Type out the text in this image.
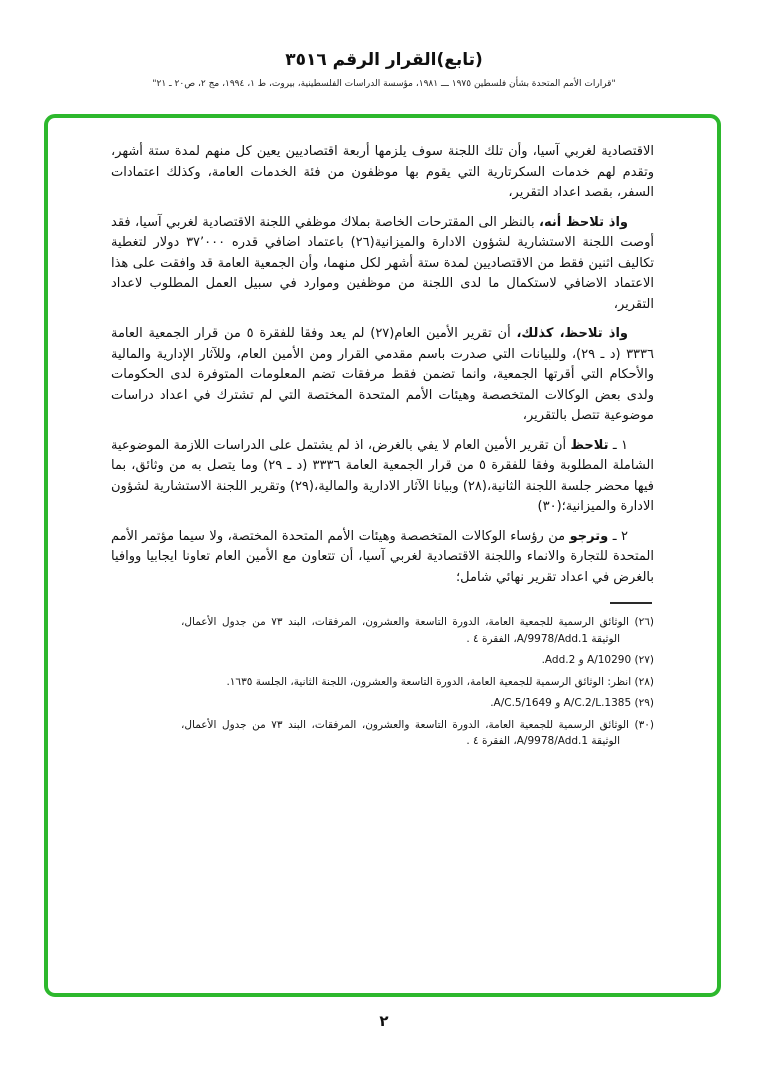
(تابع)القرار الرقم ٣٥١٦
"قرارات الأمم المتحدة بشأن فلسطين ١٩٧٥ ـــ ١٩٨١، مؤسسة الدراسات الفلسطينية، بيروت، ط ١، ١٩٩٤، مج ٢، ص٢٠ ـ ٢١"

الاقتصادية لغربي آسيا، وأن تلك اللجنة سوف يلزمها أربعة اقتصاديين يعين كل منهم لمدة ستة أشهر، وتقدم لهم خدمات السكرتارية التي يقوم بها موظفون من فئة الخدمات العامة، وكذلك اعتمادات السفر، بقصد اعداد التقرير،

واذ تلاحظ أنه، بالنظر الى المقترحات الخاصة بملاك موظفي اللجنة الاقتصادية لغربي آسيا، فقد أوصت اللجنة الاستشارية لشؤون الادارة والميزانية(٢٦) باعتماد اضافي قدره ٣٧٬٠٠٠ دولار لتغطية تكاليف اثنين فقط من الاقتصاديين لمدة ستة أشهر لكل منهما، وأن الجمعية العامة قد وافقت على هذا الاعتماد الاضافي لاستكمال ما لدى اللجنة من موظفين وموارد في سبيل العمل المطلوب لاعداد التقرير،

واذ تلاحظ، كذلك، أن تقرير الأمين العام(٢٧) لم يعد وفقا للفقرة ٥ من قرار الجمعية العامة ٣٣٣٦ (د ـ ٢٩)، وللبيانات التي صدرت باسم مقدمي القرار ومن الأمين العام، وللآثار الإدارية والمالية والأحكام التي أقرتها الجمعية، وانما تضمن فقط مرفقات تضم المعلومات المتوفرة لدى الحكومات ولدى بعض الوكالات المتخصصة وهيئات الأمم المتحدة المختصة التي لم تشترك في اعداد دراسات موضوعية تتصل بالتقرير،

١ ـ تلاحظ أن تقرير الأمين العام لا يفي بالغرض، اذ لم يشتمل على الدراسات اللازمة الموضوعية الشاملة المطلوبة وفقا للفقرة ٥ من قرار الجمعية العامة ٣٣٣٦ (د ـ ٢٩) وما يتصل به من وثائق، بما فيها محضر جلسة اللجنة الثانية،(٢٨) وبيانا الآثار الادارية والمالية،(٢٩) وتقرير اللجنة الاستشارية لشؤون الادارة والميزانية؛(٣٠)

٢ ـ وترجو من رؤساء الوكالات المتخصصة وهيئات الأمم المتحدة المختصة، ولا سيما مؤتمر الأمم المتحدة للتجارة والانماء واللجنة الاقتصادية لغربي آسيا، أن تتعاون مع الأمين العام تعاونا ايجابيا ووافيا بالغرض في اعداد تقرير نهائي شامل؛

(٢٦) الوثائق الرسمية للجمعية العامة، الدورة التاسعة والعشرون، المرفقات، البند ٧٣ من جدول الأعمال، الوثيقة A/9978/Add.1، الفقرة ٤ .

(٢٧) A/10290 و Add.2.

(٢٨) انظر: الوثائق الرسمية للجمعية العامة، الدورة التاسعة والعشرون، اللجنة الثانية، الجلسة ١٦٣٥.

(٢٩) A/C.2/L.1385 و A/C.5/1649.

(٣٠) الوثائق الرسمية للجمعية العامة، الدورة التاسعة والعشرون، المرفقات، البند ٧٣ من جدول الأعمال، الوثيقة A/9978/Add.1، الفقرة ٤ .

٢
